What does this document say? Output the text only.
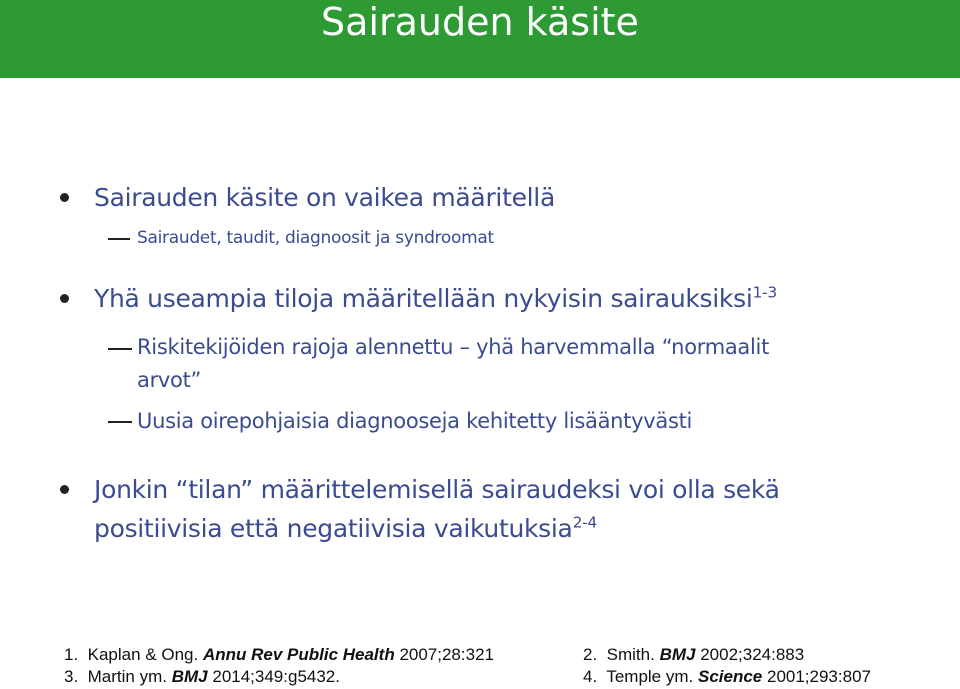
Sairauden käsite
Sairauden käsite on vaikea määritellä
Sairaudet, taudit, diagnoosit ja syndroomat
Yhä useampia tiloja määritellään nykyisin sairauksiksi$^{1-3}$
Riskitekijöiden rajoja alennettu – yhä harvemmalla “normaalit
arvot”
Uusia oirepohjaisia diagnooseja kehitetty lisääntyvästi
Jonkin “tilan” määrittelemisellä sairaudeksi voi olla sekä
positiivisia että negatiivisia vaikutuksia$^{2-4}$
1. Kaplan & Ong. Annu Rev Public Health 2007;28:321	2. Smith. BMJ 2002;324:883
3. Martin ym. BMJ 2014;349:g5432.	4. Temple ym. Science 2001;293:807
